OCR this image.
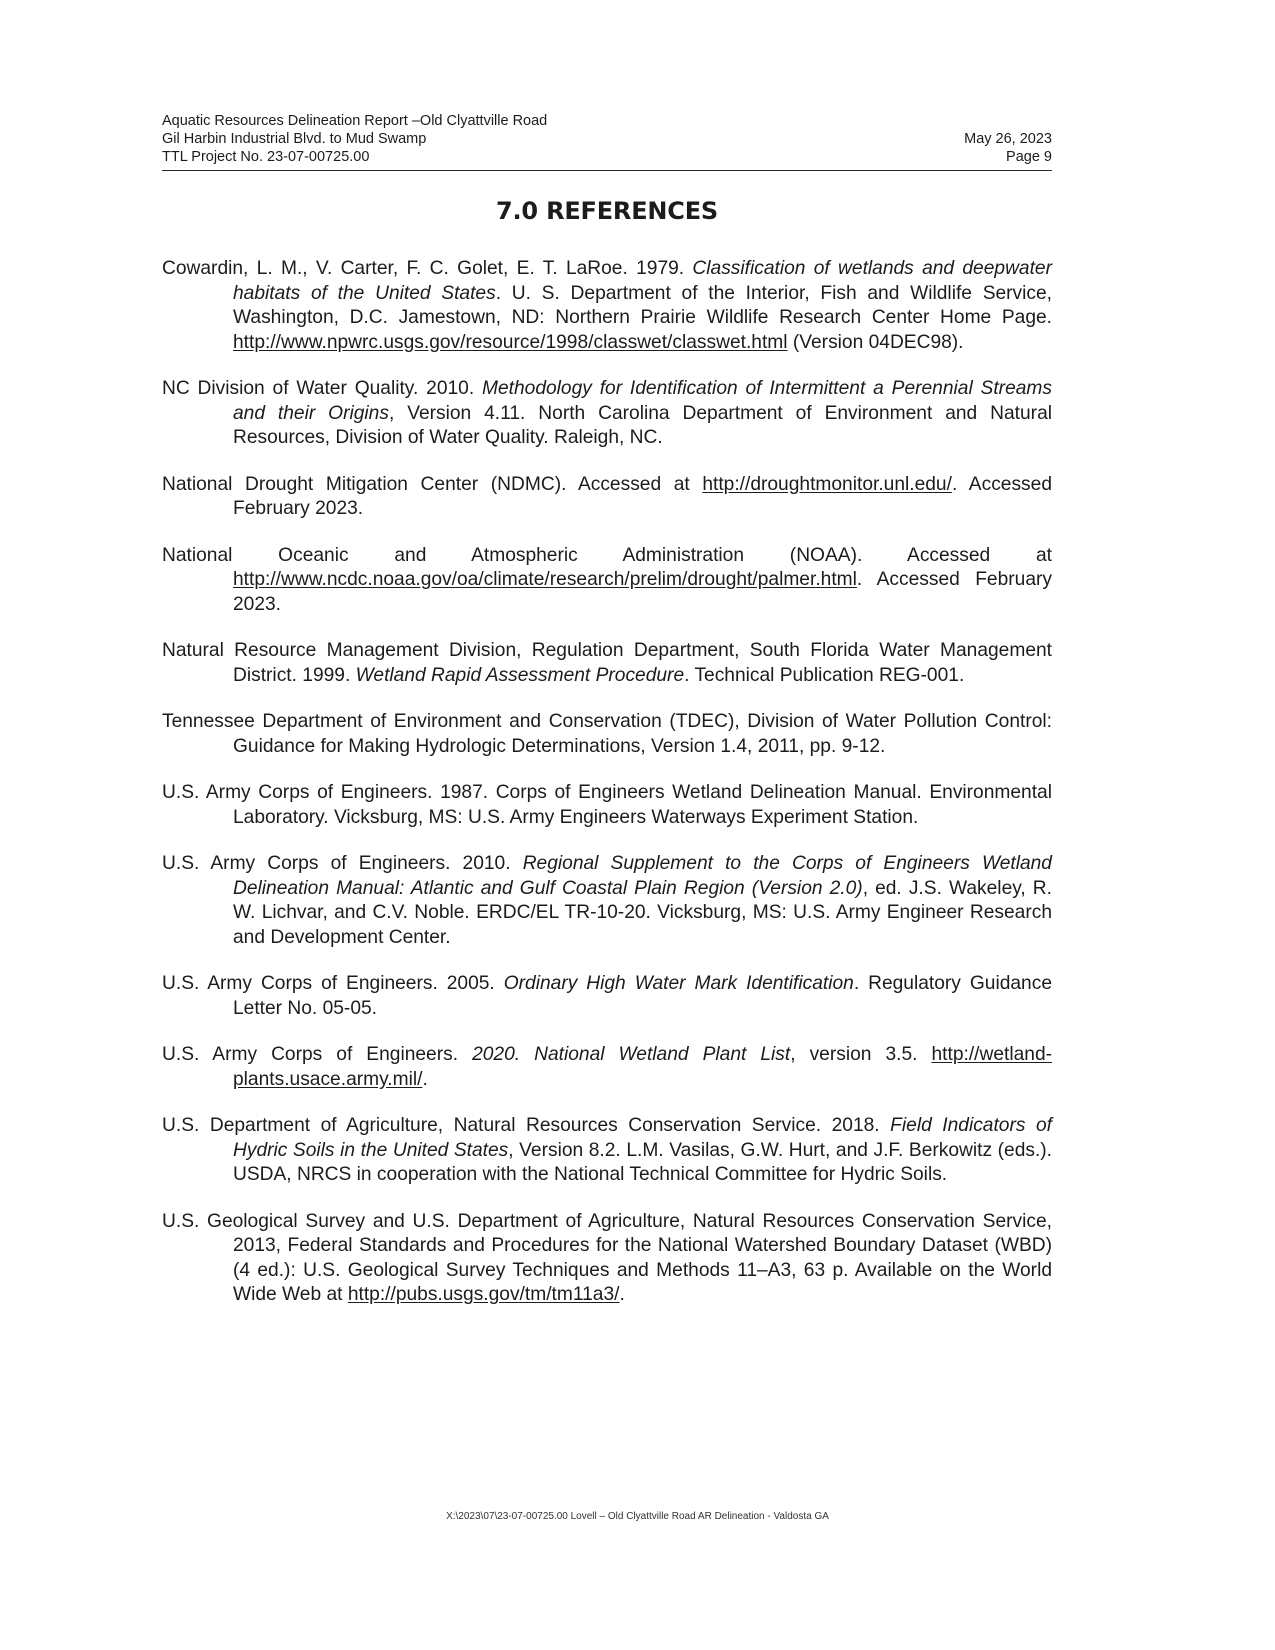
Aquatic Resources Delineation Report –Old Clyattville Road
Gil Harbin Industrial Blvd. to Mud Swamp
TTL Project No. 23-07-00725.00
May 26, 2023
Page 9
7.0 REFERENCES

Cowardin, L. M., V. Carter, F. C. Golet, E. T. LaRoe. 1979. Classification of wetlands and deepwater habitats of the United States. U. S. Department of the Interior, Fish and Wildlife Service, Washington, D.C. Jamestown, ND: Northern Prairie Wildlife Research Center Home Page. http://www.npwrc.usgs.gov/resource/1998/classwet/classwet.html (Version 04DEC98).

NC Division of Water Quality. 2010. Methodology for Identification of Intermittent a Perennial Streams and their Origins, Version 4.11. North Carolina Department of Environment and Natural Resources, Division of Water Quality. Raleigh, NC.

National Drought Mitigation Center (NDMC). Accessed at http://droughtmonitor.unl.edu/. Accessed February 2023.

National Oceanic and Atmospheric Administration (NOAA). Accessed at http://www.ncdc.noaa.gov/oa/climate/research/prelim/drought/palmer.html. Accessed February 2023.

Natural Resource Management Division, Regulation Department, South Florida Water Management District. 1999. Wetland Rapid Assessment Procedure. Technical Publication REG-001.

Tennessee Department of Environment and Conservation (TDEC), Division of Water Pollution Control: Guidance for Making Hydrologic Determinations, Version 1.4, 2011, pp. 9-12.

U.S. Army Corps of Engineers. 1987. Corps of Engineers Wetland Delineation Manual. Environmental Laboratory. Vicksburg, MS: U.S. Army Engineers Waterways Experiment Station.

U.S. Army Corps of Engineers. 2010. Regional Supplement to the Corps of Engineers Wetland Delineation Manual: Atlantic and Gulf Coastal Plain Region (Version 2.0), ed. J.S. Wakeley, R. W. Lichvar, and C.V. Noble. ERDC/EL TR-10-20. Vicksburg, MS: U.S. Army Engineer Research and Development Center.

U.S. Army Corps of Engineers. 2005. Ordinary High Water Mark Identification. Regulatory Guidance Letter No. 05-05.

U.S. Army Corps of Engineers. 2020. National Wetland Plant List, version 3.5. http://wetland-plants.usace.army.mil/.

U.S. Department of Agriculture, Natural Resources Conservation Service. 2018. Field Indicators of Hydric Soils in the United States, Version 8.2. L.M. Vasilas, G.W. Hurt, and J.F. Berkowitz (eds.). USDA, NRCS in cooperation with the National Technical Committee for Hydric Soils.

U.S. Geological Survey and U.S. Department of Agriculture, Natural Resources Conservation Service, 2013, Federal Standards and Procedures for the National Watershed Boundary Dataset (WBD) (4 ed.): U.S. Geological Survey Techniques and Methods 11–A3, 63 p. Available on the World Wide Web at http://pubs.usgs.gov/tm/tm11a3/.

X:\2023\07\23-07-00725.00 Lovell – Old Clyattville Road AR Delineation - Valdosta GA
